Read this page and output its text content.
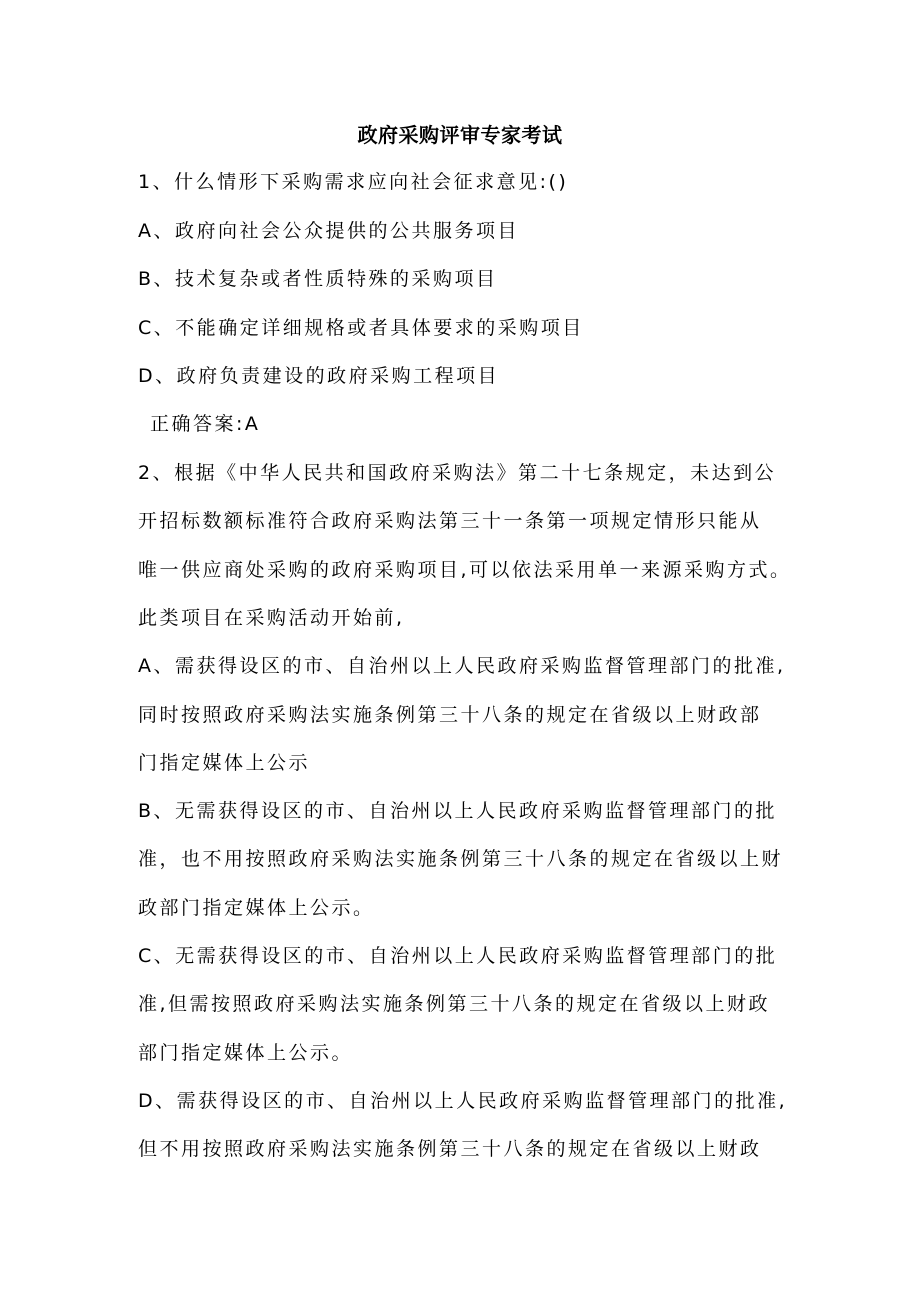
政府采购评审专家考试
1、什么情形下采购需求应向社会征求意见:()
A、政府向社会公众提供的公共服务项目
B、技术复杂或者性质特殊的采购项目
C、不能确定详细规格或者具体要求的采购项目
D、政府负责建设的政府采购工程项目
正确答案:A
2、根据《中华人民共和国政府采购法》第二十七条规定，未达到公
开招标数额标准符合政府采购法第三十一条第一项规定情形只能从
唯一供应商处采购的政府采购项目,可以依法采用单一来源采购方式。
此类项目在采购活动开始前,
A、需获得设区的市、自治州以上人民政府采购监督管理部门的批准,
同时按照政府采购法实施条例第三十八条的规定在省级以上财政部
门指定媒体上公示
B、无需获得设区的市、自治州以上人民政府采购监督管理部门的批
准，也不用按照政府采购法实施条例第三十八条的规定在省级以上财
政部门指定媒体上公示。
C、无需获得设区的市、自治州以上人民政府采购监督管理部门的批
准,但需按照政府采购法实施条例第三十八条的规定在省级以上财政
部门指定媒体上公示。
D、需获得设区的市、自治州以上人民政府采购监督管理部门的批准,
但不用按照政府采购法实施条例第三十八条的规定在省级以上财政
